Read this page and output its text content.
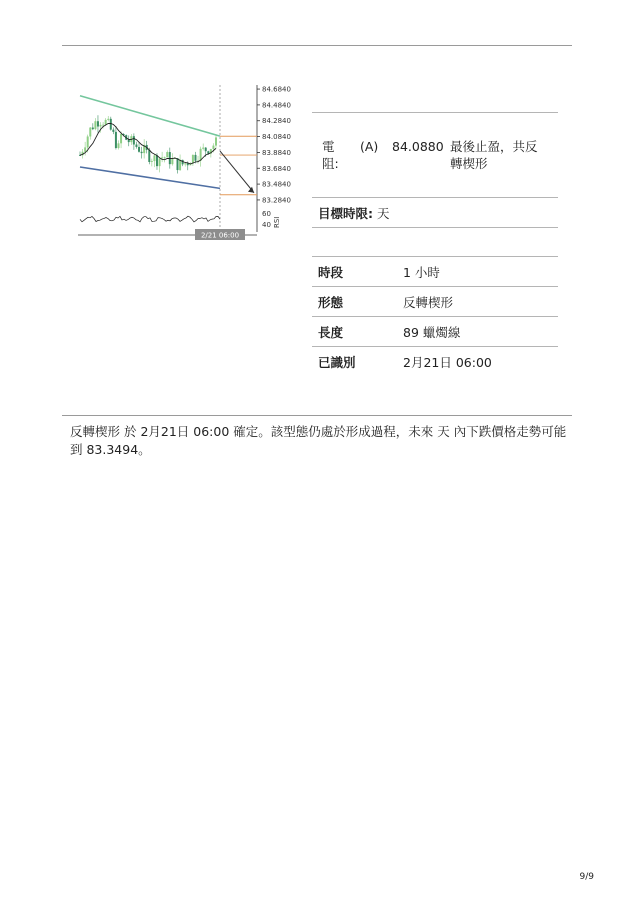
84.6840
84.4840
84.2840
84.0840
83.8840
83.6840
83.4840
83.2840
60
40 RSI
2/21 06:00
電阻:
(A) 84.0880 最後止盈，共反轉楔形
目標時限: 天
時段	1 小時
形態	反轉楔形
長度	89 蠟燭線
已識別	2月21日 06:00
反轉楔形 於 2月21日 06:00 確定。該型態仍處於形成過程，未來 天 內下跌價格走勢可能到 83.3494。
9/9
